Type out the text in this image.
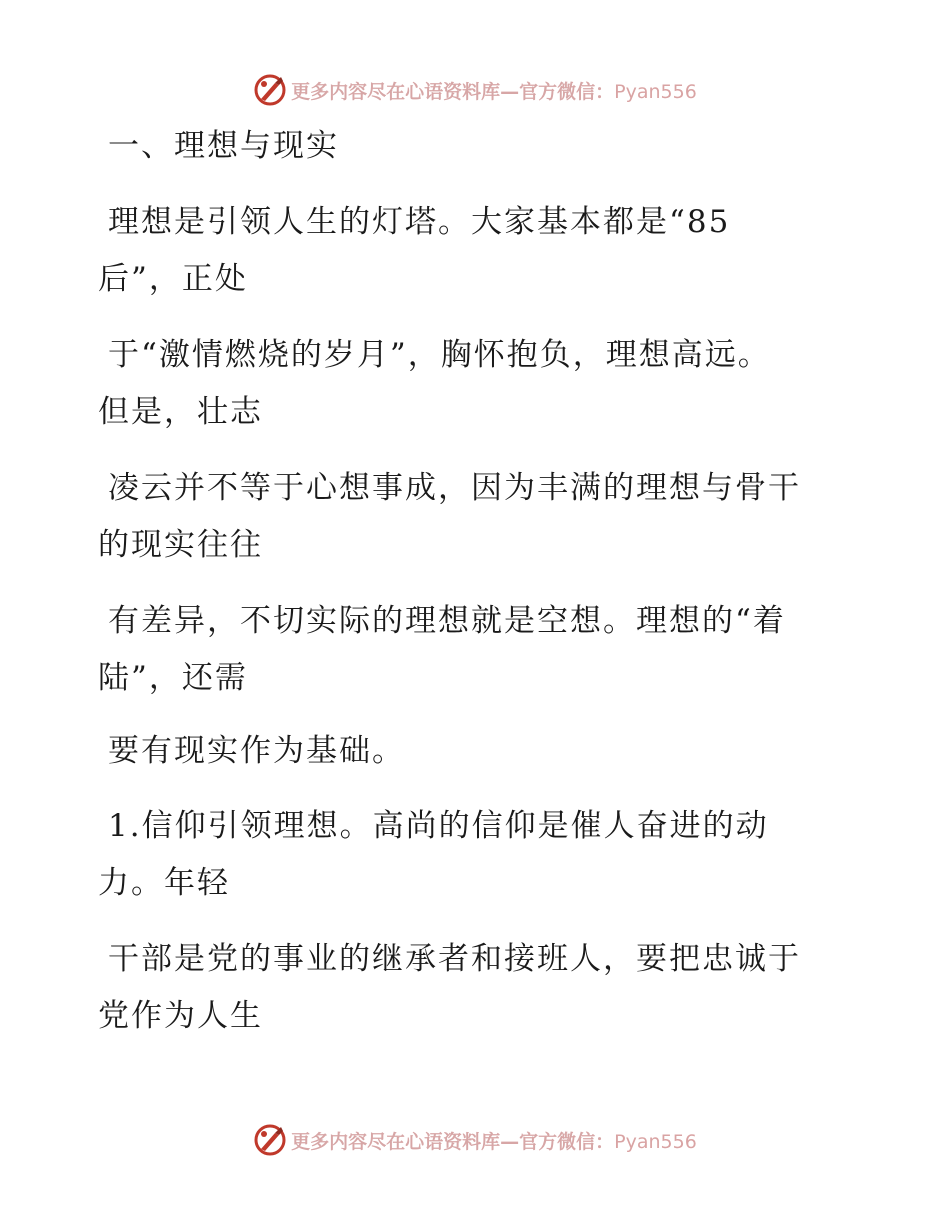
更多内容尽在心语资料库—官方微信：Pyan556
一、理想与现实
理想是引领人生的灯塔。大家基本都是“85
后”，正处
于“激情燃烧的岁月”，胸怀抱负，理想高远。
但是，壮志
凌云并不等于心想事成，因为丰满的理想与骨干
的现实往往
有差异，不切实际的理想就是空想。理想的“着
陆”，还需
要有现实作为基础。
1.信仰引领理想。高尚的信仰是催人奋进的动
力。年轻
干部是党的事业的继承者和接班人，要把忠诚于
党作为人生
更多内容尽在心语资料库—官方微信：Pyan556
